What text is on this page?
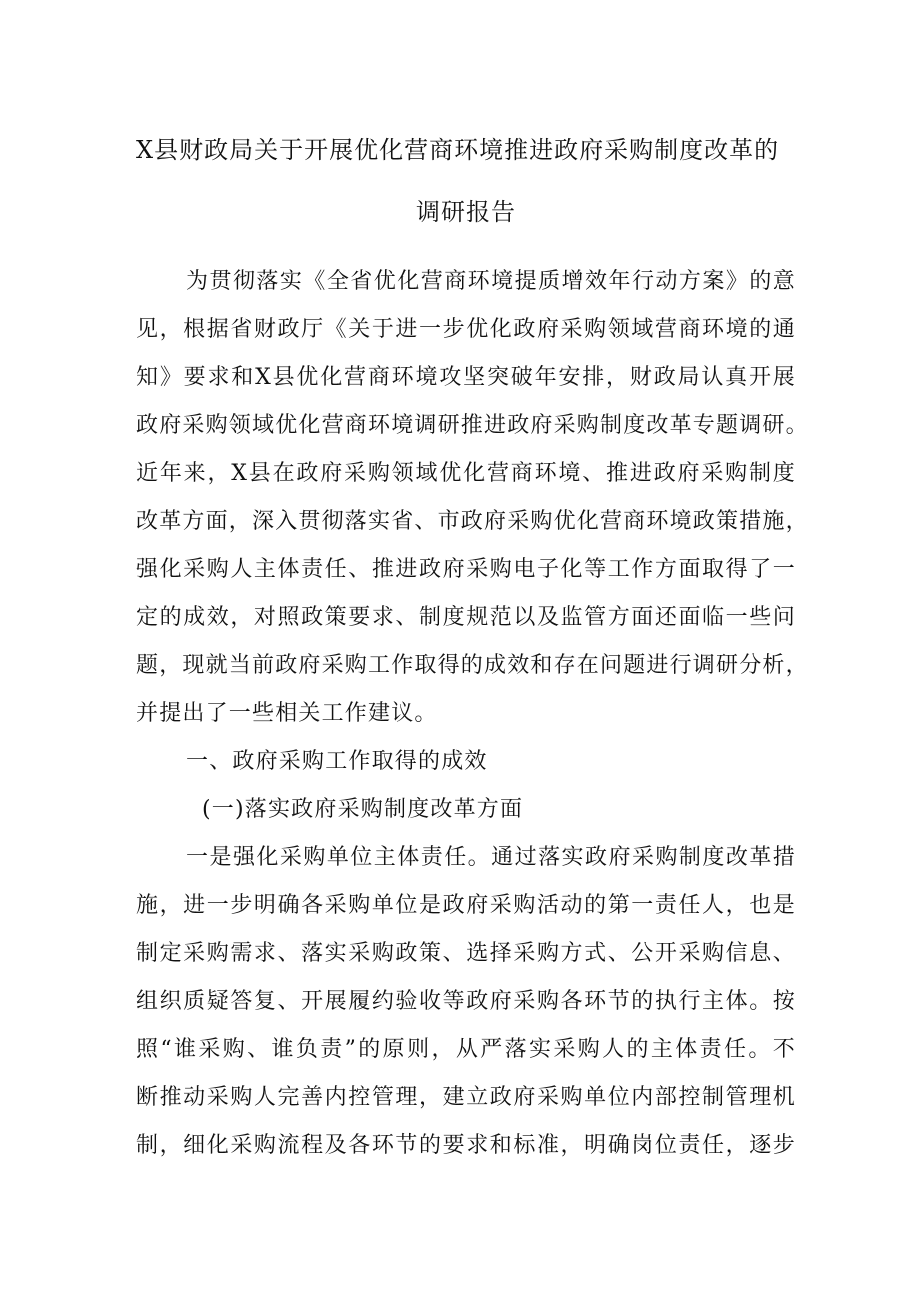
X县财政局关于开展优化营商环境推进政府采购制度改革的
调研报告
为贯彻落实《全省优化营商环境提质增效年行动方案》的意
见，根据省财政厅《关于进一步优化政府采购领域营商环境的通
知》要求和X县优化营商环境攻坚突破年安排，财政局认真开展
政府采购领域优化营商环境调研推进政府采购制度改革专题调研。
近年来，X县在政府采购领域优化营商环境、推进政府采购制度
改革方面，深入贯彻落实省、市政府采购优化营商环境政策措施，
强化采购人主体责任、推进政府采购电子化等工作方面取得了一
定的成效，对照政策要求、制度规范以及监管方面还面临一些问
题，现就当前政府采购工作取得的成效和存在问题进行调研分析，
并提出了一些相关工作建议。
一、政府采购工作取得的成效
(一)落实政府采购制度改革方面
一是强化采购单位主体责任。通过落实政府采购制度改革措
施，进一步明确各采购单位是政府采购活动的第一责任人，也是
制定采购需求、落实采购政策、选择采购方式、公开采购信息、
组织质疑答复、开展履约验收等政府采购各环节的执行主体。按
照“谁采购、谁负责”的原则，从严落实采购人的主体责任。不
断推动采购人完善内控管理，建立政府采购单位内部控制管理机
制，细化采购流程及各环节的要求和标准，明确岗位责任，逐步
